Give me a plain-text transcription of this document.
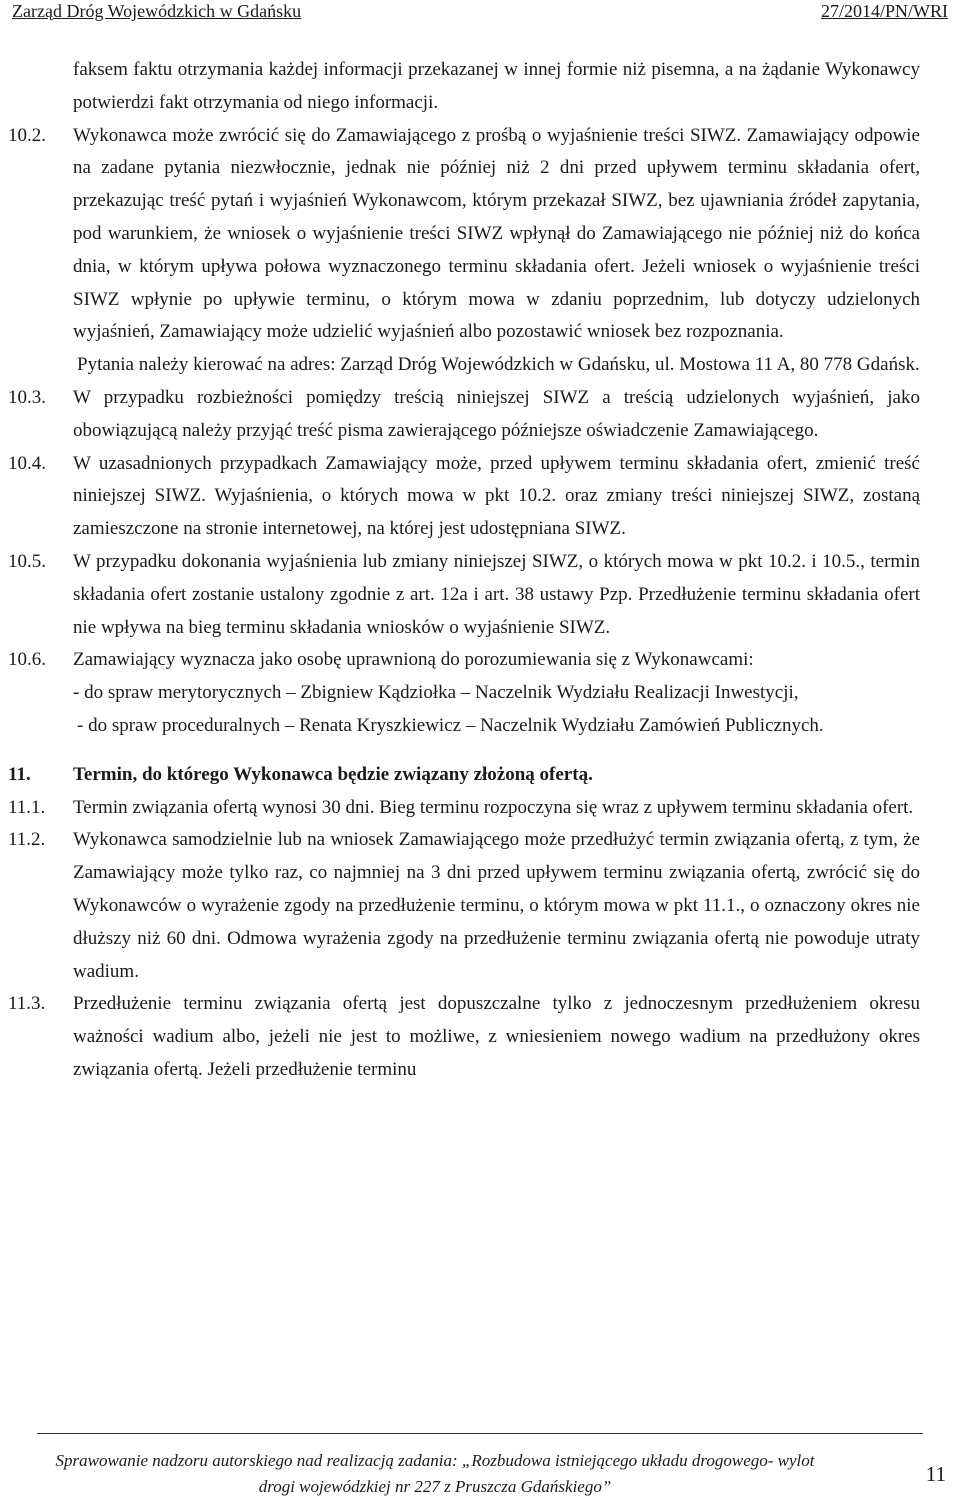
Zarząd Dróg Wojewódzkich w Gdańsku	27/2014/PN/WRI
faksem faktu otrzymania każdej informacji przekazanej w innej formie niż pisemna, a na żądanie Wykonawcy potwierdzi fakt otrzymania od niego informacji.
10.2. Wykonawca może zwrócić się do Zamawiającego z prośbą o wyjaśnienie treści SIWZ. Zamawiający odpowie na zadane pytania niezwłocznie, jednak nie później niż 2 dni przed upływem terminu składania ofert, przekazując treść pytań i wyjaśnień Wykonawcom, którym przekazał SIWZ, bez ujawniania źródeł zapytania, pod warunkiem, że wniosek o wyjaśnienie treści SIWZ wpłynął do Zamawiającego nie później niż do końca dnia, w którym upływa połowa wyznaczonego terminu składania ofert. Jeżeli wniosek o wyjaśnienie treści SIWZ wpłynie po upływie terminu, o którym mowa w zdaniu poprzednim, lub dotyczy udzielonych wyjaśnień, Zamawiający może udzielić wyjaśnień albo pozostawić wniosek bez rozpoznania.
Pytania należy kierować na adres: Zarząd Dróg Wojewódzkich w Gdańsku, ul. Mostowa 11 A, 80 778 Gdańsk.
10.3. W przypadku rozbieżności pomiędzy treścią niniejszej SIWZ a treścią udzielonych wyjaśnień, jako obowiązującą należy przyjąć treść pisma zawierającego późniejsze oświadczenie Zamawiającego.
10.4. W uzasadnionych przypadkach Zamawiający może, przed upływem terminu składania ofert, zmienić treść niniejszej SIWZ. Wyjaśnienia, o których mowa w pkt 10.2. oraz zmiany treści niniejszej SIWZ, zostaną zamieszczone na stronie internetowej, na której jest udostępniana SIWZ.
10.5. W przypadku dokonania wyjaśnienia lub zmiany niniejszej SIWZ, o których mowa w pkt 10.2. i 10.5., termin składania ofert zostanie ustalony zgodnie z art. 12a i art. 38 ustawy Pzp. Przedłużenie terminu składania ofert nie wpływa na bieg terminu składania wniosków o wyjaśnienie SIWZ.
10.6. Zamawiający wyznacza jako osobę uprawnioną do porozumiewania się z Wykonawcami:
- do spraw merytorycznych – Zbigniew Kądziołka – Naczelnik Wydziału Realizacji Inwestycji,
- do spraw proceduralnych – Renata Kryszkiewicz – Naczelnik Wydziału Zamówień Publicznych.
11. Termin, do którego Wykonawca będzie związany złożoną ofertą.
11.1. Termin związania ofertą wynosi 30 dni. Bieg terminu rozpoczyna się wraz z upływem terminu składania ofert.
11.2. Wykonawca samodzielnie lub na wniosek Zamawiającego może przedłużyć termin związania ofertą, z tym, że Zamawiający może tylko raz, co najmniej na 3 dni przed upływem terminu związania ofertą, zwrócić się do Wykonawców o wyrażenie zgody na przedłużenie terminu, o którym mowa w pkt 11.1., o oznaczony okres nie dłuższy niż 60 dni. Odmowa wyrażenia zgody na przedłużenie terminu związania ofertą nie powoduje utraty wadium.
11.3. Przedłużenie terminu związania ofertą jest dopuszczalne tylko z jednoczesnym przedłużeniem okresu ważności wadium albo, jeżeli nie jest to możliwe, z wniesieniem nowego wadium na przedłużony okres związania ofertą. Jeżeli przedłużenie terminu
Sprawowanie nadzoru autorskiego nad realizacją zadania: „Rozbudowa istniejącego układu drogowego- wylot
drogi wojewódzkiej nr 227 z Pruszcza Gdańskiego”
11
